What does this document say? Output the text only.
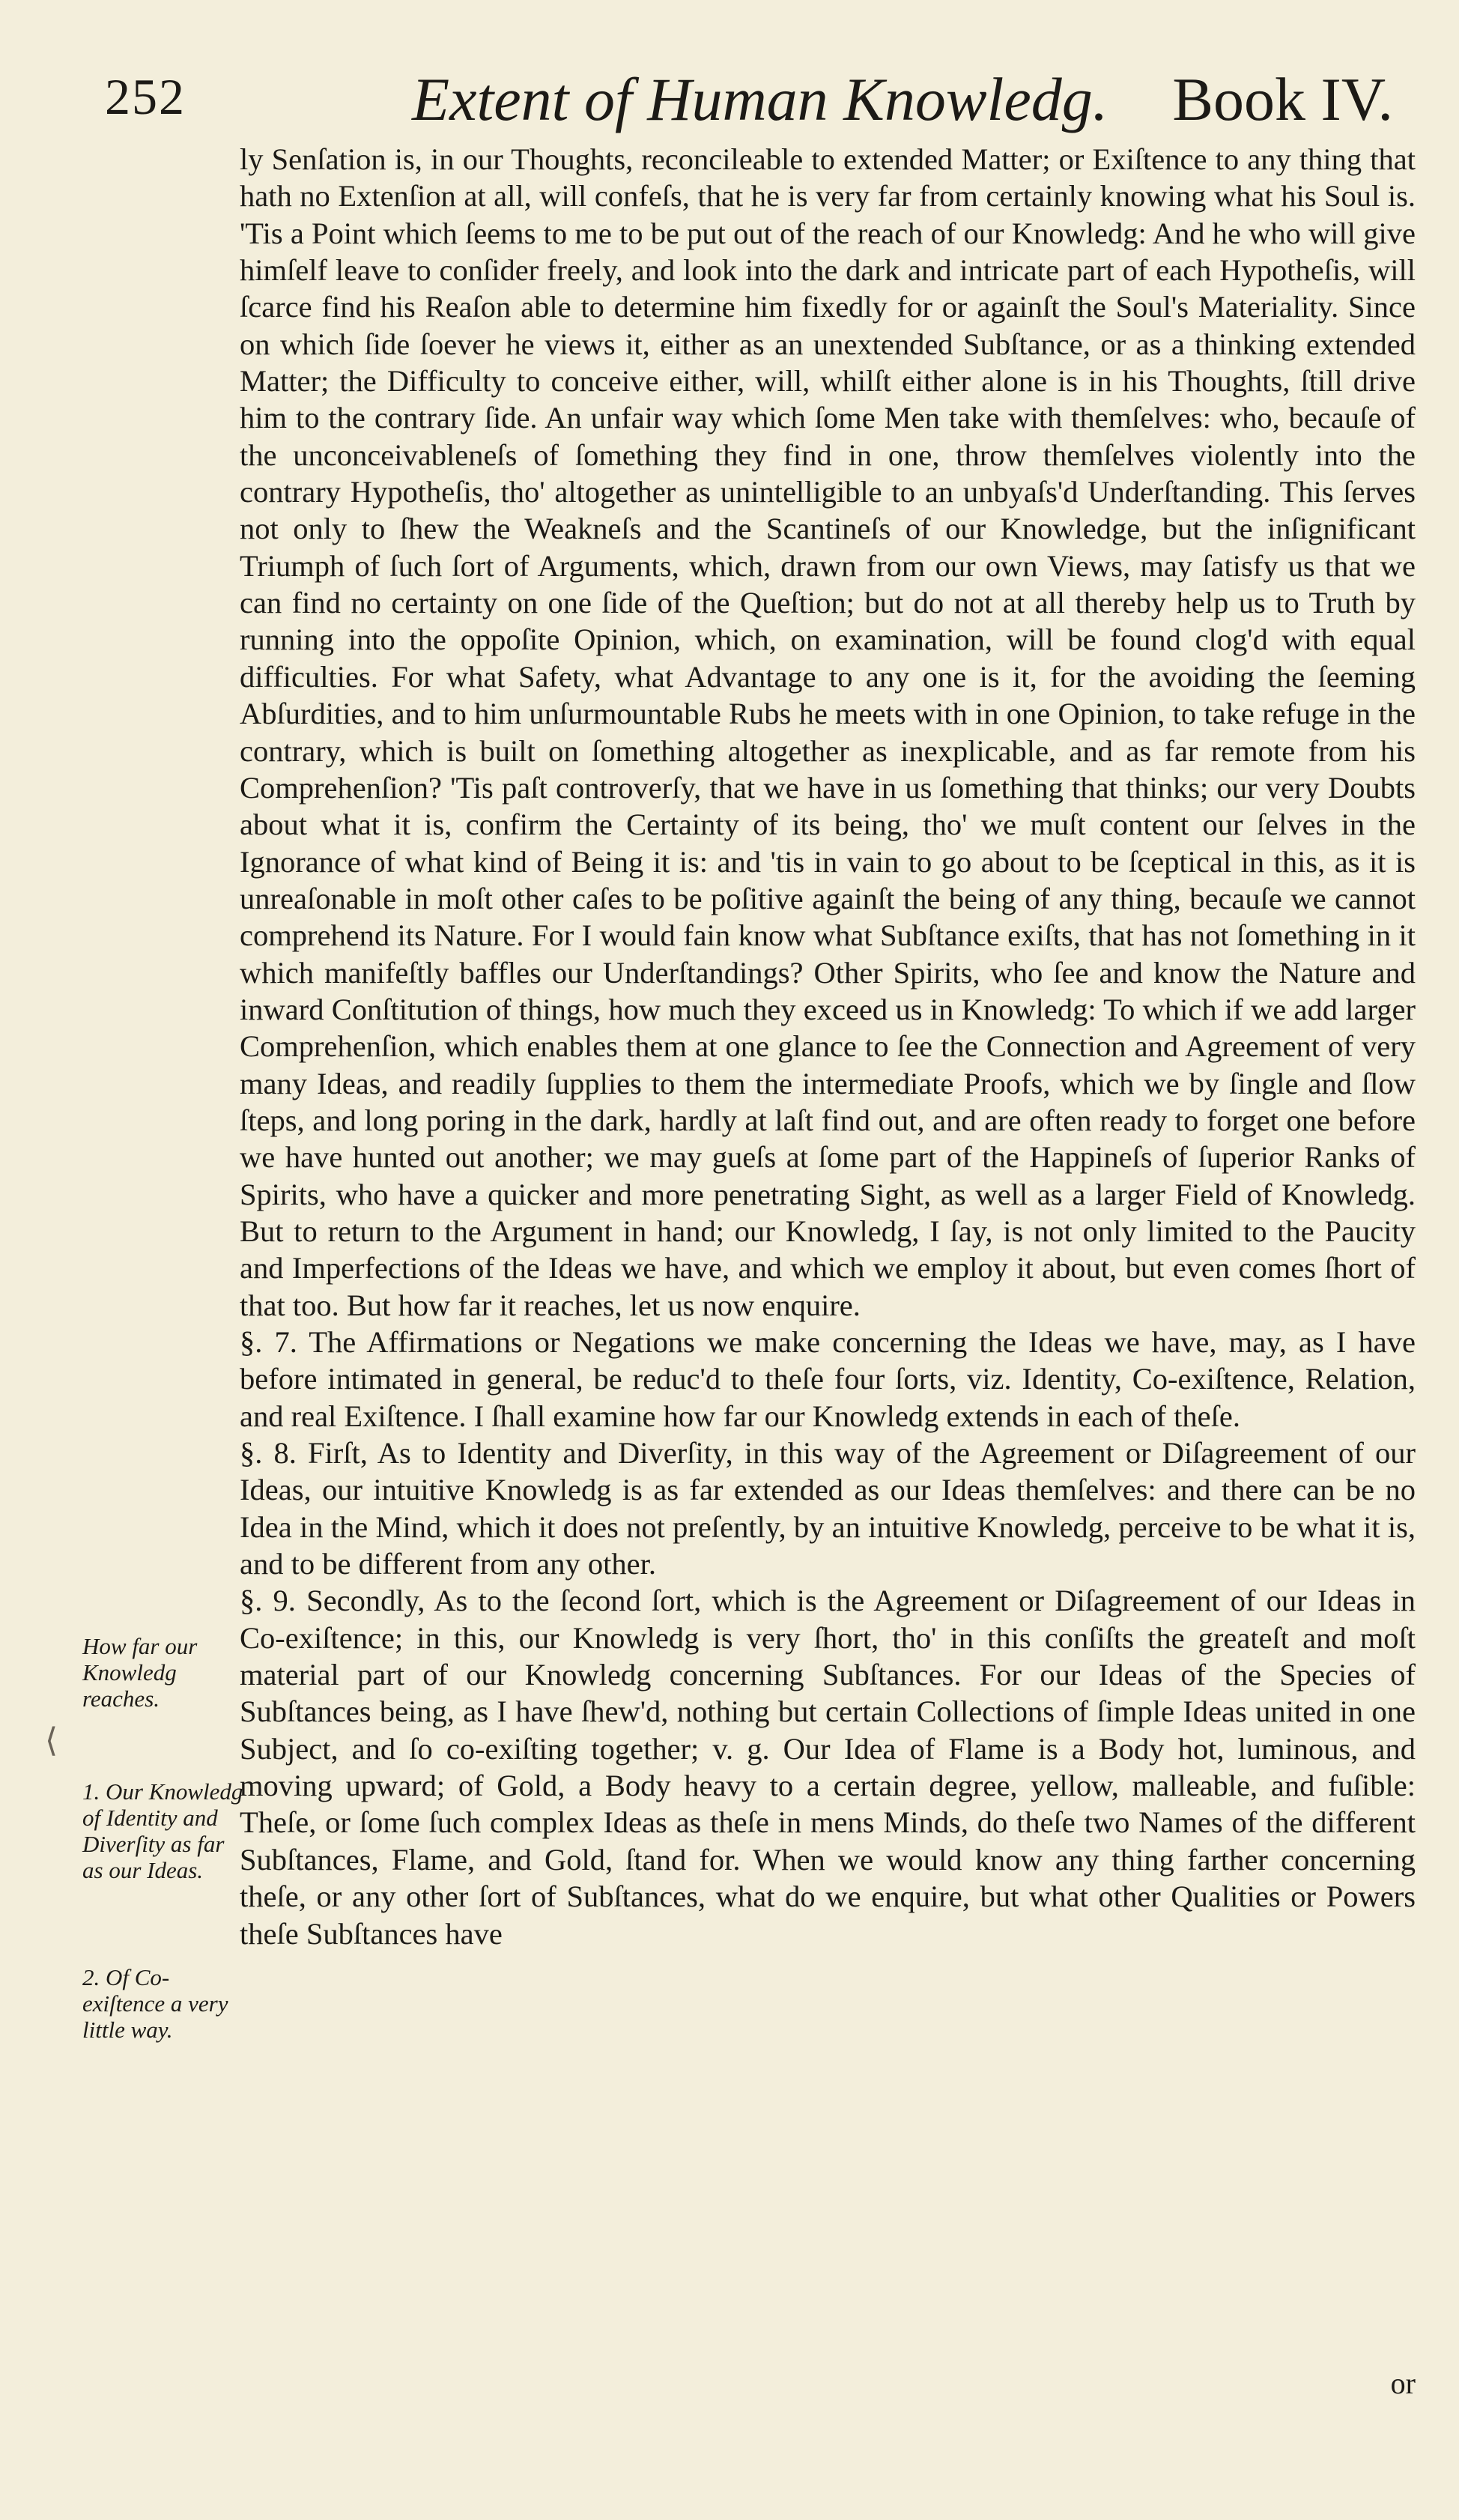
252	Extent of Human Knowledg. Book IV.

ly Senſation is, in our Thoughts, reconcileable to extended Matter; or Exiſtence to any thing that hath no Extenſion at all, will confeſs, that he is very far from certainly knowing what his Soul is. 'Tis a Point which ſeems to me to be put out of the reach of our Knowledg: And he who will give himſelf leave to conſider freely, and look into the dark and intricate part of each Hypotheſis, will ſcarce find his Reaſon able to determine him fixedly for or againſt the Soul's Materiality. Since on which ſide ſoever he views it, either as an unextended Subſtance, or as a thinking extended Matter; the Difficulty to conceive either, will, whilſt either alone is in his Thoughts, ſtill drive him to the contrary ſide. An unfair way which ſome Men take with themſelves: who, becauſe of the unconceivableneſs of ſomething they find in one, throw themſelves violently into the contrary Hypotheſis, tho' altogether as unintelligible to an unbyaſs'd Underſtanding. This ſerves not only to ſhew the Weakneſs and the Scantineſs of our Knowledge, but the inſignificant Triumph of ſuch ſort of Arguments, which, drawn from our own Views, may ſatisfy us that we can find no certainty on one ſide of the Queſtion; but do not at all thereby help us to Truth by running into the oppoſite Opinion, which, on examination, will be found clog'd with equal difficulties. For what Safety, what Advantage to any one is it, for the avoiding the ſeeming Abſurdities, and to him unſurmountable Rubs he meets with in one Opinion, to take refuge in the contrary, which is built on ſomething altogether as inexplicable, and as far remote from his Comprehenſion? 'Tis paſt controverſy, that we have in us ſomething that thinks; our very Doubts about what it is, confirm the Certainty of its being, tho' we muſt content our ſelves in the Ignorance of what kind of Being it is: and 'tis in vain to go about to be ſceptical in this, as it is unreaſonable in moſt other caſes to be poſitive againſt the being of any thing, becauſe we cannot comprehend its Nature. For I would fain know what Subſtance exiſts, that has not ſomething in it which manifeſtly baffles our Underſtandings? Other Spirits, who ſee and know the Nature and inward Conſtitution of things, how much they exceed us in Knowledg: To which if we add larger Comprehenſion, which enables them at one glance to ſee the Connection and Agreement of very many Ideas, and readily ſupplies to them the intermediate Proofs, which we by ſingle and ſlow ſteps, and long poring in the dark, hardly at laſt find out, and are often ready to forget one before we have hunted out another; we may gueſs at ſome part of the Happineſs of ſuperior Ranks of Spirits, who have a quicker and more penetrating Sight, as well as a larger Field of Knowledg. But to return to the Argument in hand; our Knowledg, I ſay, is not only limited to the Paucity and Imperfections of the Ideas we have, and which we employ it about, but even comes ſhort of that too. But how far it reaches, let us now enquire.

§. 7. The Affirmations or Negations we make concerning the Ideas we have, may, as I have before intimated in general, be reduc'd to theſe four ſorts, viz. Identity, Co-exiſtence, Relation, and real Exiſtence. I ſhall examine how far our Knowledg extends in each of theſe.

§. 8. Firſt, As to Identity and Diverſity, in this way of the Agreement or Diſagreement of our Ideas, our intuitive Knowledg is as far extended as our Ideas themſelves: and there can be no Idea in the Mind, which it does not preſently, by an intuitive Knowledg, perceive to be what it is, and to be different from any other.

§. 9. Secondly, As to the ſecond ſort, which is the Agreement or Diſagreement of our Ideas in Co-exiſtence; in this, our Knowledg is very ſhort, tho' in this conſiſts the greateſt and moſt material part of our Knowledg concerning Subſtances. For our Ideas of the Species of Subſtances being, as I have ſhew'd, nothing but certain Collections of ſimple Ideas united in one Subject, and ſo co-exiſting together; v. g. Our Idea of Flame is a Body hot, luminous, and moving upward; of Gold, a Body heavy to a certain degree, yellow, malleable, and fuſible: Theſe, or ſome ſuch complex Ideas as theſe in mens Minds, do theſe two Names of the different Subſtances, Flame, and Gold, ſtand for. When we would know any thing farther concerning theſe, or any other ſort of Subſtances, what do we enquire, but what other Qualities or Powers theſe Subſtances have

How far our Knowledg reaches.
1. Our Knowledg of Identity and Diverſity as far as our Ideas.
2. Of Co-exiſtence a very little way.
⟨
or
